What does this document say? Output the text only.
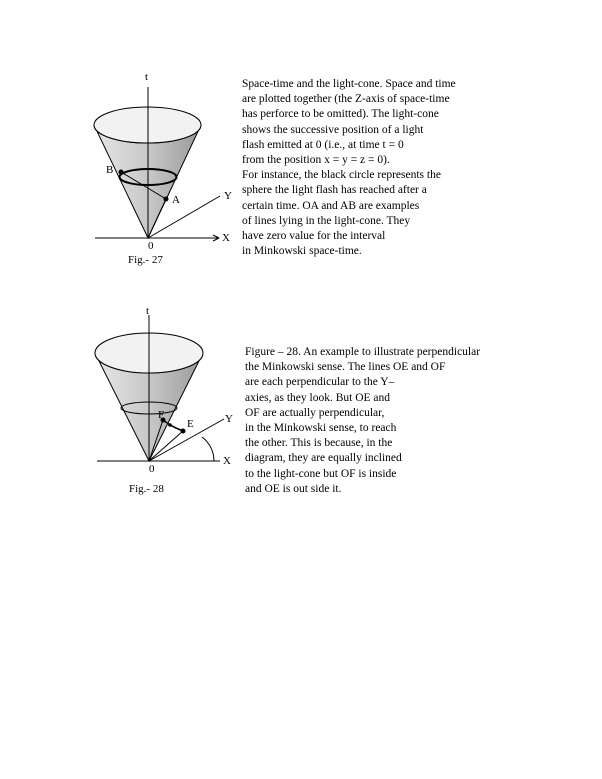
t
B
A	Y
X
0
Fig.- 27
Space-time and the light-cone. Space and time
are plotted together (the Z-axis of space-time
has perforce to be omitted). The light-cone
shows the successive position of a light
flash emitted at 0 (i.e., at time t = 0
from the position x = y = z = 0).
For instance, the black circle represents the
sphere the light flash has reached after a
certain time. OA and AB are examples
of lines lying in the light-cone. They
have zero value for the interval
in Minkowski space-time.
t
F
E	Y
X
0
Fig.- 28
Figure – 28. An example to illustrate perpendicular
the Minkowski sense. The lines OE and OF
are each perpendicular to the Y–
axies, as they look. But OE and
OF are actually perpendicular,
in the Minkowski sense, to reach
the other. This is because, in the
diagram, they are equally inclined
to the light-cone but OF is inside
and OE is out side it.
